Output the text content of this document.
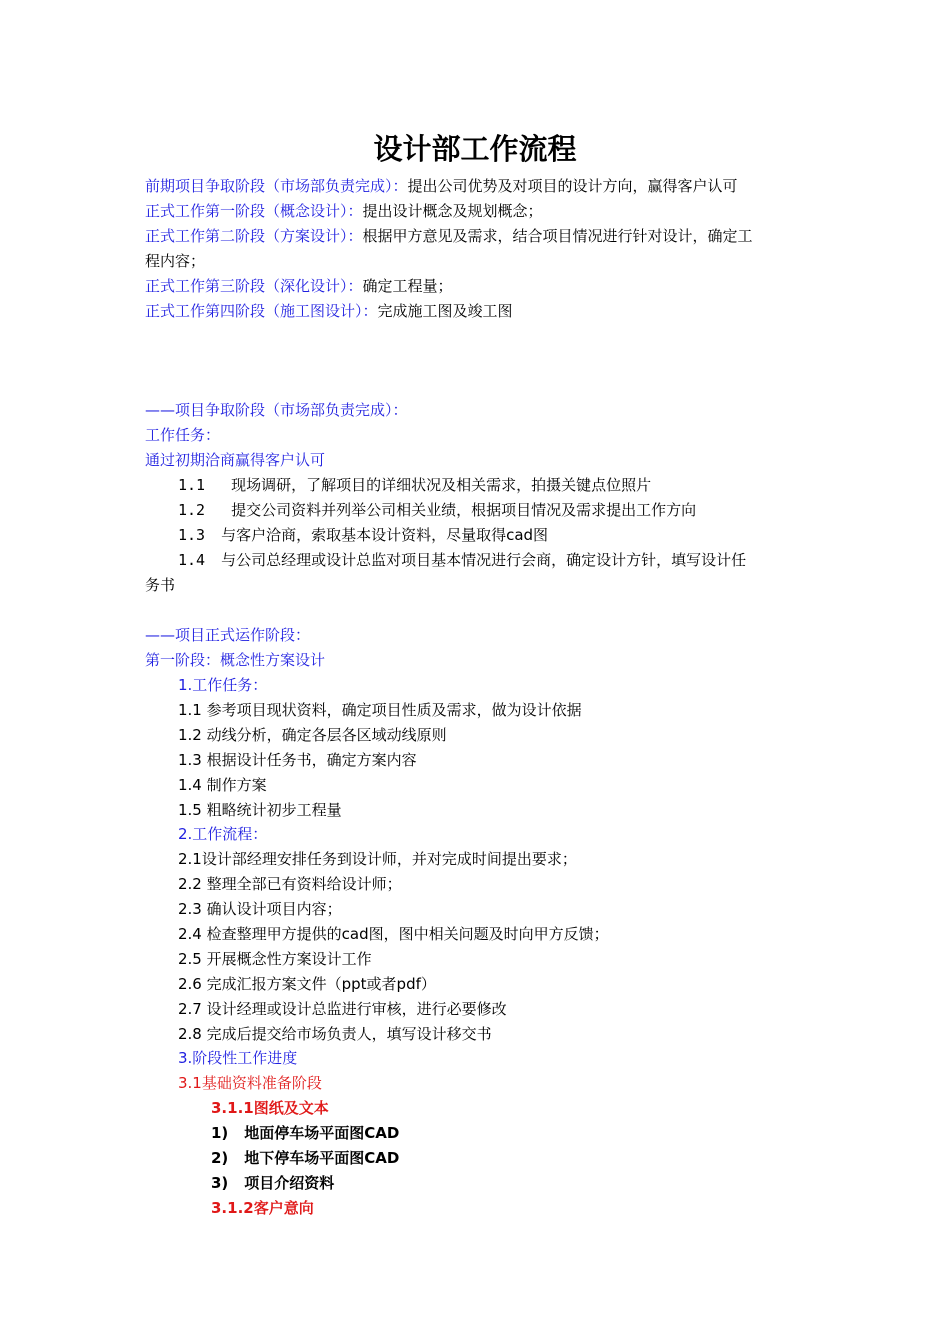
设计部工作流程
前期项目争取阶段（市场部负责完成）：提出公司优势及对项目的设计方向，赢得客户认可
正式工作第一阶段（概念设计）：提出设计概念及规划概念；
正式工作第二阶段（方案设计）：根据甲方意见及需求，结合项目情况进行针对设计，确定工
程内容；
正式工作第三阶段（深化设计）：确定工程量；
正式工作第四阶段（施工图设计）：完成施工图及竣工图
——项目争取阶段（市场部负责完成）：
工作任务：
通过初期洽商赢得客户认可
1.1 现场调研，了解项目的详细状况及相关需求，拍摄关键点位照片
1.2 提交公司资料并列举公司相关业绩，根据项目情况及需求提出工作方向
1.3 与客户洽商，索取基本设计资料，尽量取得cad图
1.4 与公司总经理或设计总监对项目基本情况进行会商，确定设计方针，填写设计任
务书
——项目正式运作阶段：
第一阶段：概念性方案设计
1.工作任务：
1.1 参考项目现状资料，确定项目性质及需求，做为设计依据
1.2 动线分析，确定各层各区域动线原则
1.3 根据设计任务书，确定方案内容
1.4 制作方案
1.5 粗略统计初步工程量
2.工作流程：
2.1设计部经理安排任务到设计师，并对完成时间提出要求；
2.2 整理全部已有资料给设计师；
2.3 确认设计项目内容；
2.4 检查整理甲方提供的cad图，图中相关问题及时向甲方反馈；
2.5 开展概念性方案设计工作
2.6 完成汇报方案文件（ppt或者pdf）
2.7 设计经理或设计总监进行审核，进行必要修改
2.8 完成后提交给市场负责人，填写设计移交书
3.阶段性工作进度
3.1基础资料准备阶段
3.1.1图纸及文本
1) 地面停车场平面图CAD
2) 地下停车场平面图CAD
3) 项目介绍资料
3.1.2客户意向
